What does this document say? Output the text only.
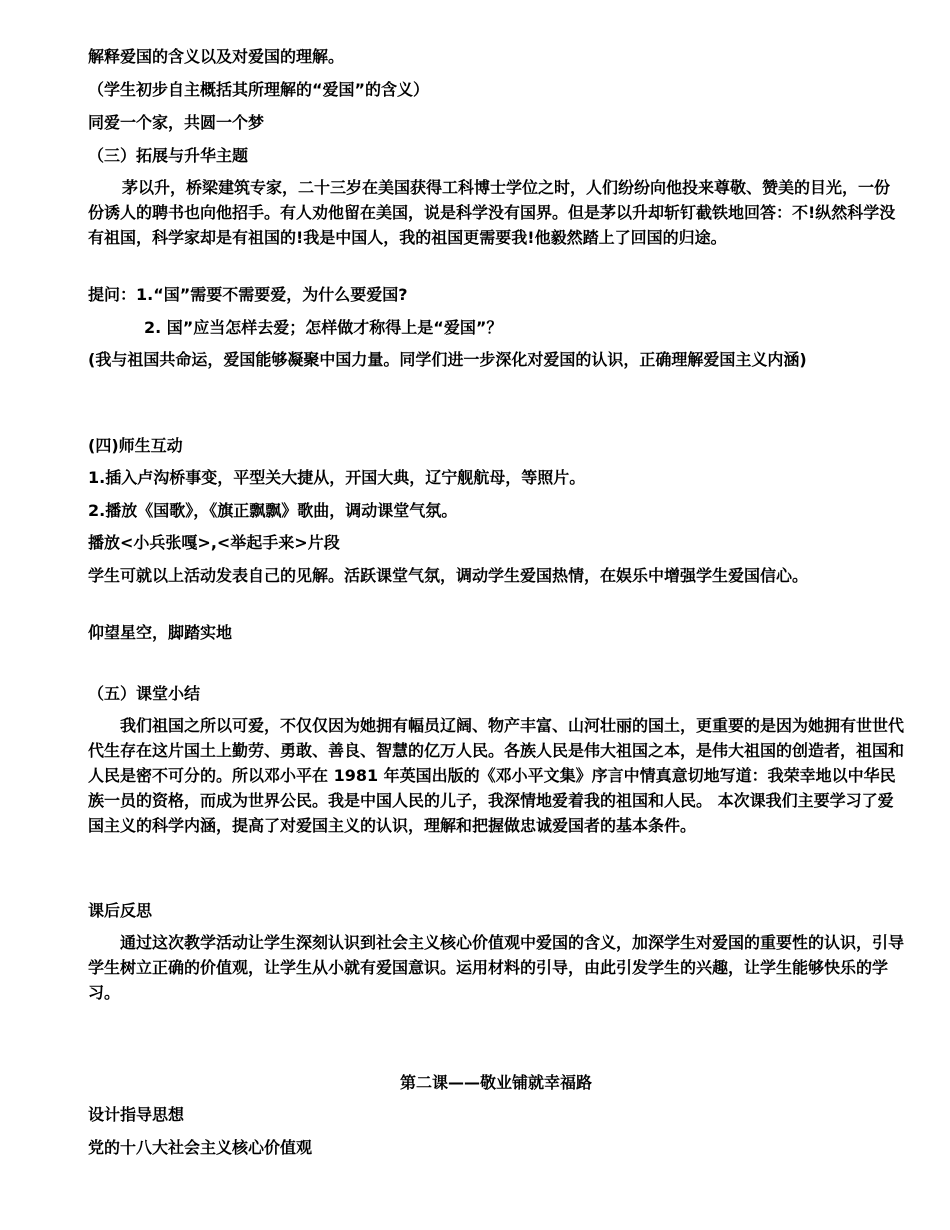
解释爱国的含义以及对爱国的理解。

（学生初步自主概括其所理解的“爱国”的含义）

同爱一个家，共圆一个梦

（三）拓展与升华主题

茅以升，桥梁建筑专家，二十三岁在美国获得工科博士学位之时，人们纷纷向他投来尊敬、赞美的目光，一份份诱人的聘书也向他招手。有人劝他留在美国，说是科学没有国界。但是茅以升却斩钉截铁地回答：不!纵然科学没有祖国，科学家却是有祖国的!我是中国人，我的祖国更需要我!他毅然踏上了回国的归途。

提问：1.“国”需要不需要爱，为什么要爱国?

2. 国”应当怎样去爱；怎样做才称得上是“爱国”？

(我与祖国共命运，爱国能够凝聚中国力量。同学们进一步深化对爱国的认识，正确理解爱国主义内涵)

(四)师生互动

1.插入卢沟桥事变，平型关大捷从，开国大典，辽宁舰航母，等照片。

2.播放《国歌》，《旗正飘飘》歌曲，调动课堂气氛。

播放<小兵张嘎>,<举起手来>片段

学生可就以上活动发表自己的见解。活跃课堂气氛，调动学生爱国热情，在娱乐中增强学生爱国信心。

仰望星空，脚踏实地

（五）课堂小结

我们祖国之所以可爱，不仅仅因为她拥有幅员辽阔、物产丰富、山河壮丽的国土，更重要的是因为她拥有世世代代生存在这片国土上勤劳、勇敢、善良、智慧的亿万人民。各族人民是伟大祖国之本，是伟大祖国的创造者，祖国和人民是密不可分的。所以邓小平在 1981 年英国出版的《邓小平文集》序言中情真意切地写道：我荣幸地以中华民族一员的资格，而成为世界公民。我是中国人民的儿子，我深情地爱着我的祖国和人民。 本次课我们主要学习了爱国主义的科学内涵，提高了对爱国主义的认识，理解和把握做忠诚爱国者的基本条件。

课后反思

通过这次教学活动让学生深刻认识到社会主义核心价值观中爱国的含义，加深学生对爱国的重要性的认识，引导学生树立正确的价值观，让学生从小就有爱国意识。运用材料的引导，由此引发学生的兴趣，让学生能够快乐的学习。

第二课——敬业铺就幸福路

设计指导思想

党的十八大社会主义核心价值观
